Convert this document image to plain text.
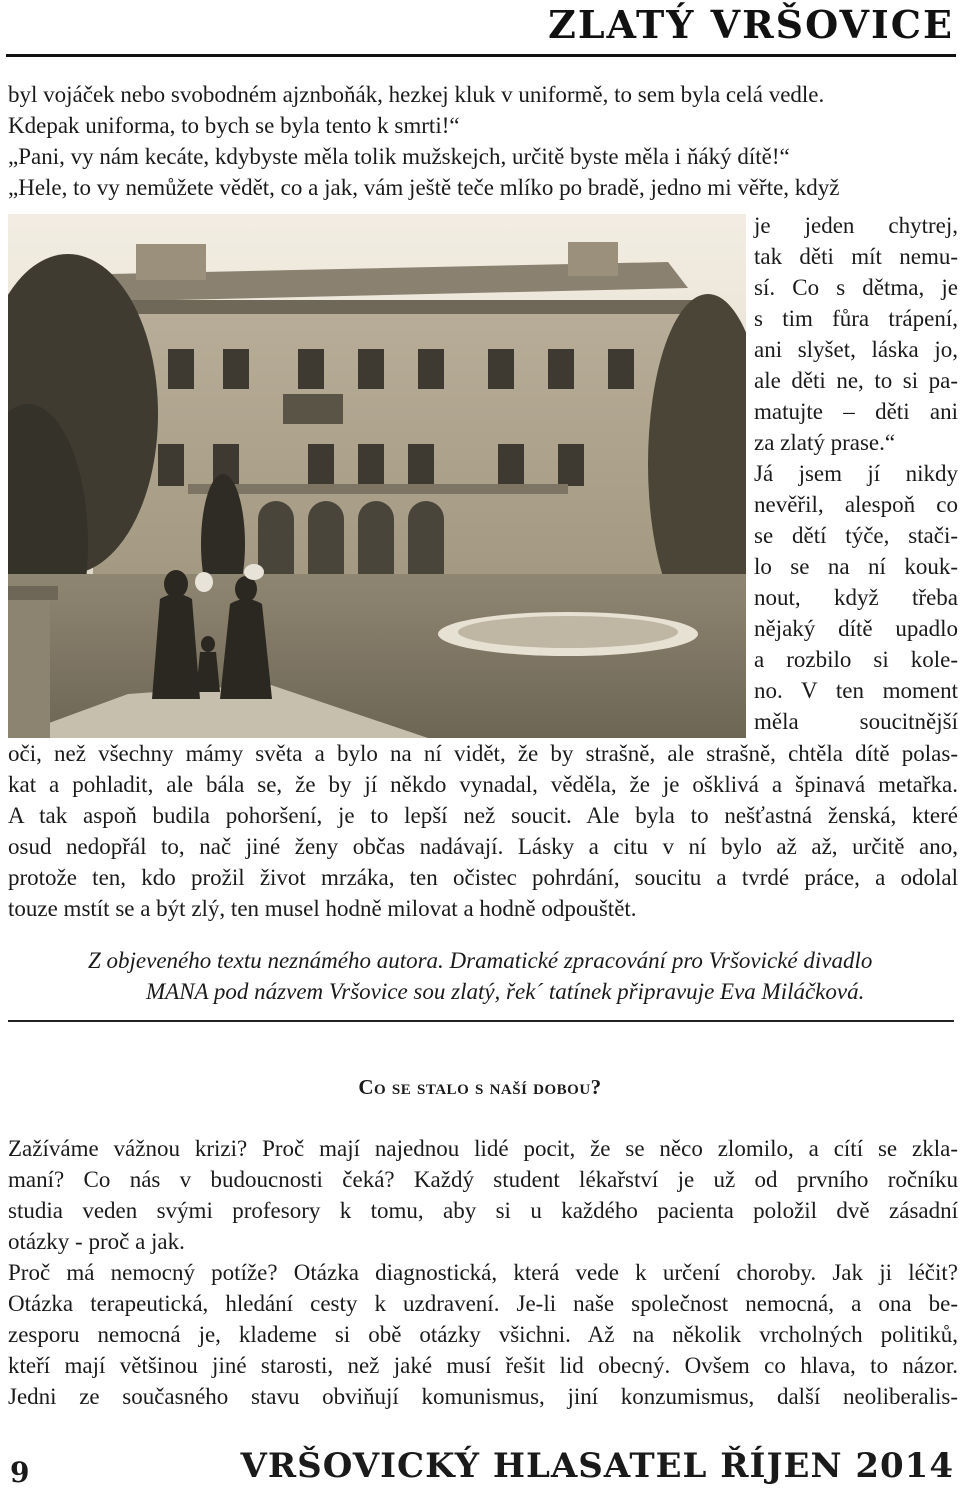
ZLATÝ VRŠOVICE
byl vojáček nebo svobodném ajznboňák, hezkej kluk v uniformě, to sem byla celá vedle.
Kdepak uniforma, to bych se byla tento k smrti!“
„Pani, vy nám kecáte, kdybyste měla tolik mužskejch, určitě byste měla i ňáký dítě!“
„Hele, to vy nemůžete vědět, co a jak, vám ještě teče mlíko po bradě, jedno mi věřte, když
je jeden chytrej,
tak děti mít nemu-
sí. Co s dětma, je
s tim fůra trápení,
ani slyšet, láska jo,
ale děti ne, to si pa-
matujte – děti ani
za zlatý prase.“
Já jsem jí nikdy
nevěřil, alespoň co
se dětí týče, stači-
lo se na ní kouk-
nout, když třeba
nějaký dítě upadlo
a rozbilo si kole-
no. V ten moment
měla soucitnější
oči, než všechny mámy světa a bylo na ní vidět, že by strašně, ale strašně, chtěla dítě polas-
kat a pohladit, ale bála se, že by jí někdo vynadal, věděla, že je ošklivá a špinavá metařka.
A tak aspoň budila pohoršení, je to lepší než soucit. Ale byla to nešťastná ženská, které
osud nedopřál to, nač jiné ženy občas nadávají. Lásky a citu v ní bylo až až, určitě ano,
protože ten, kdo prožil život mrzáka, ten očistec pohrdání, soucitu a tvrdé práce, a odolal
touze mstít se a být zlý, ten musel hodně milovat a hodně odpouštět.
Z objeveného textu neznámého autora. Dramatické zpracování pro Vršovické divadlo
MANA pod názvem Vršovice sou zlatý, řek´ tatínek připravuje Eva Miláčková.
Co se stalo s naší dobou?
Zažíváme vážnou krizi? Proč mají najednou lidé pocit, že se něco zlomilo, a cítí se zkla-
maní? Co nás v budoucnosti čeká? Každý student lékařství je už od prvního ročníku
studia veden svými profesory k tomu, aby si u každého pacienta položil dvě zásadní
otázky - proč a jak.
Proč má nemocný potíže? Otázka diagnostická, která vede k určení choroby. Jak ji léčit?
Otázka terapeutická, hledání cesty k uzdravení. Je-li naše společnost nemocná, a ona be-
zesporu nemocná je, klademe si obě otázky všichni. Až na několik vrcholných politiků,
kteří mají většinou jiné starosti, než jaké musí řešit lid obecný. Ovšem co hlava, to názor.
Jedni ze současného stavu obviňují komunismus, jiní konzumismus, další neoliberalis-
9	VRŠOVICKÝ HLASATEL ŘÍJEN 2014
